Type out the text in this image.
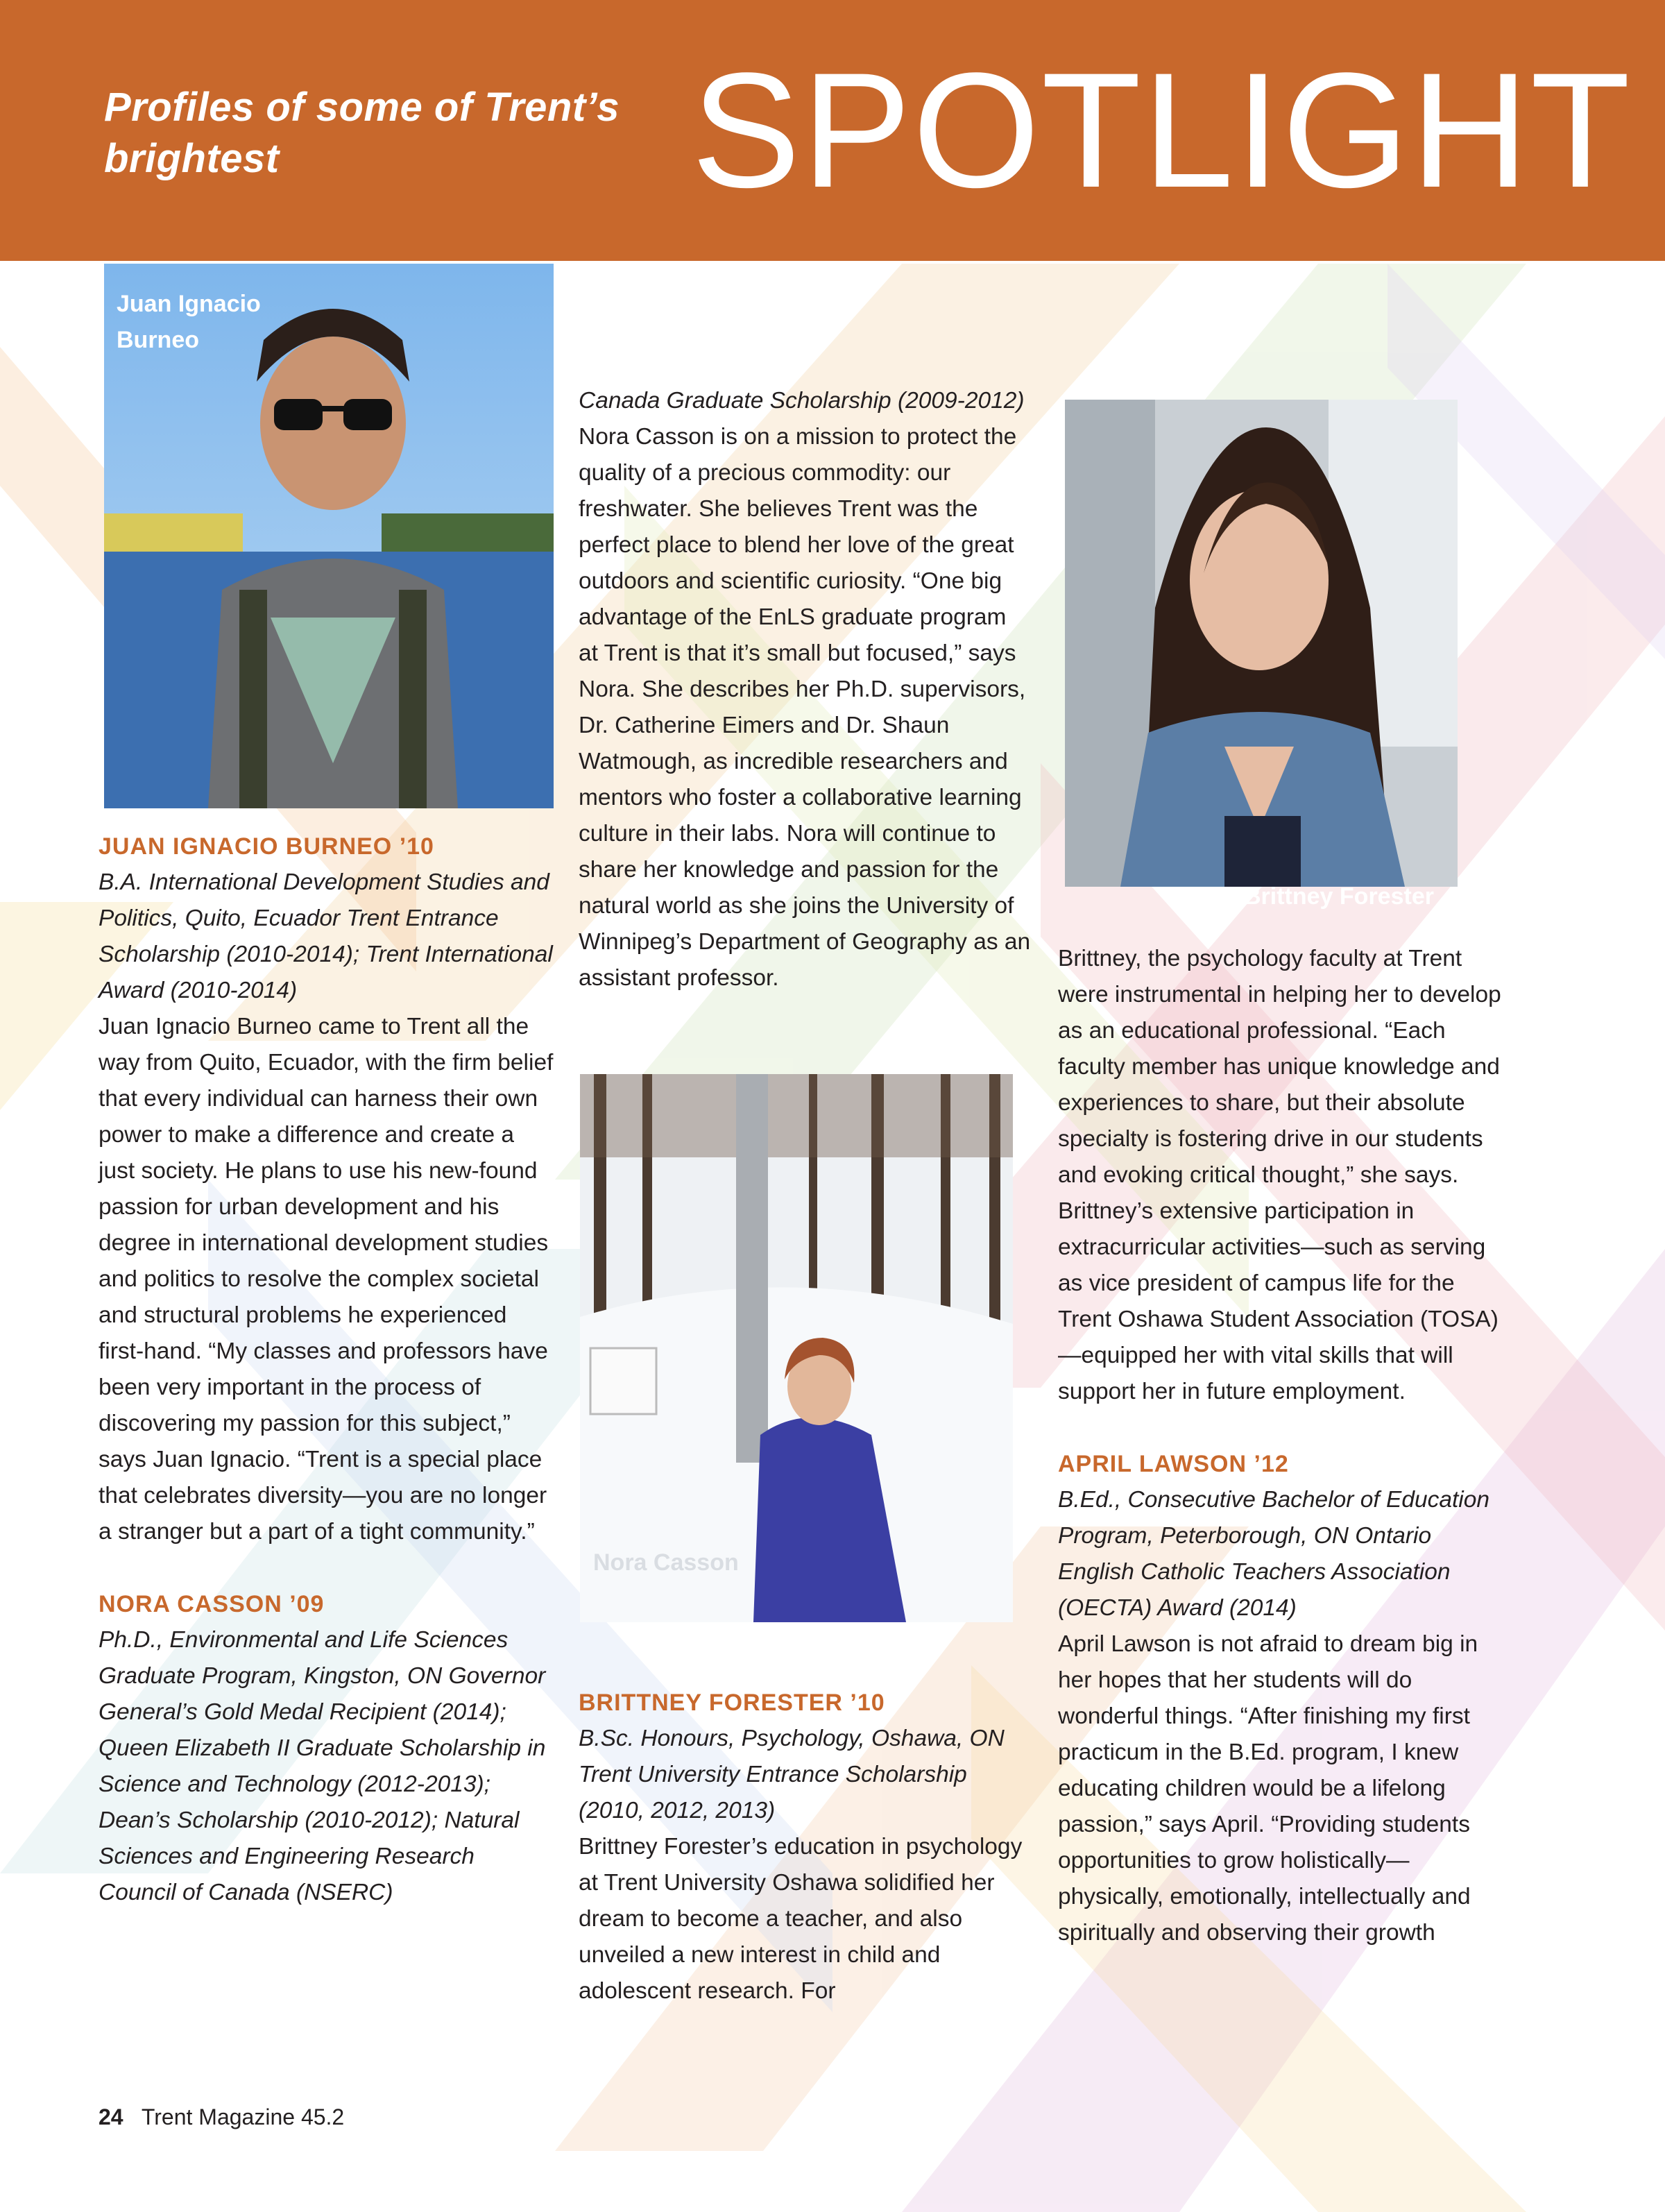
Profiles of some of Trent’s brightest	SPOTLIGHT
Juan Ignacio Burneo
Brittney Forester
Nora Casson

JUAN IGNACIO BURNEO ’10

B.A. International Development Studies and Politics, Quito, Ecuador Trent Entrance Scholarship (2010-2014); Trent International Award (2010-2014)

Juan Ignacio Burneo came to Trent all the way from Quito, Ecuador, with the firm belief that every individual can harness their own power to make a difference and create a just society. He plans to use his new-found passion for urban development and his degree in international development studies and politics to resolve the complex societal and structural problems he experienced first-hand. “My classes and professors have been very important in the process of discovering my passion for this subject,” says Juan Ignacio. “Trent is a special place that celebrates diversity—you are no longer a stranger but a part of a tight community.”

NORA CASSON ’09

Ph.D., Environmental and Life Sciences Graduate Program, Kingston, ON Governor General’s Gold Medal Recipient (2014); Queen Elizabeth II Graduate Scholarship in Science and Technology (2012-2013); Dean’s Scholarship (2010-2012); Natural Sciences and Engineering Research Council of Canada (NSERC)

Canada Graduate Scholarship (2009-2012)

Nora Casson is on a mission to protect the quality of a precious commodity: our freshwater. She believes Trent was the perfect place to blend her love of the great outdoors and scientific curiosity. “One big advantage of the EnLS graduate program at Trent is that it’s small but focused,” says Nora. She describes her Ph.D. supervisors, Dr. Catherine Eimers and Dr. Shaun Watmough, as incredible researchers and mentors who foster a collaborative learning culture in their labs. Nora will continue to share her knowledge and passion for the natural world as she joins the University of Winnipeg’s Department of Geography as an assistant professor.

BRITTNEY FORESTER ’10

B.Sc. Honours, Psychology, Oshawa, ON Trent University Entrance Scholarship (2010, 2012, 2013)

Brittney Forester’s education in psychology at Trent University Oshawa solidified her dream to become a teacher, and also unveiled a new interest in child and adolescent research. For

Brittney, the psychology faculty at Trent were instrumental in helping her to develop as an educational professional. “Each faculty member has unique knowledge and experiences to share, but their absolute specialty is fostering drive in our students and evoking critical thought,” she says. Brittney’s extensive participation in extracurricular activities—such as serving as vice president of campus life for the Trent Oshawa Student Association (TOSA)—equipped her with vital skills that will support her in future employment.

APRIL LAWSON ’12

B.Ed., Consecutive Bachelor of Education Program, Peterborough, ON Ontario English Catholic Teachers Association (OECTA) Award (2014)

April Lawson is not afraid to dream big in her hopes that her students will do wonderful things. “After finishing my first practicum in the B.Ed. program, I knew educating children would be a lifelong passion,” says April. “Providing students opportunities to grow holistically—physically, emotionally, intellectually and spiritually and observing their growth

24 Trent Magazine 45.2
